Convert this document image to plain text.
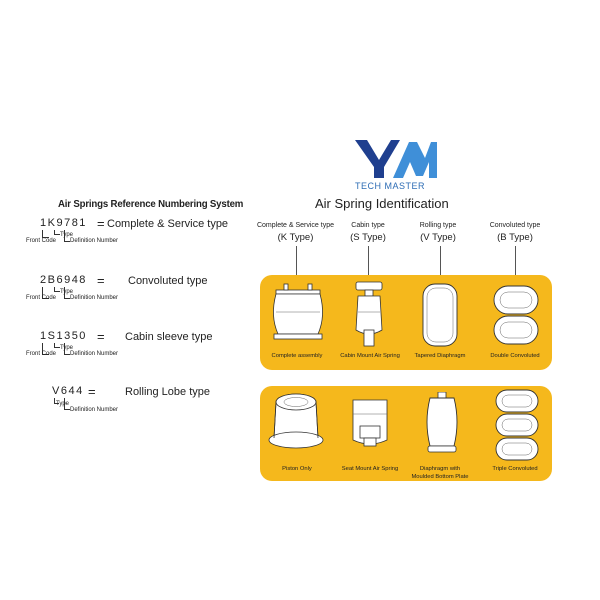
Air Springs Reference Numbering System
1K9781 = Complete & Service type
Type
Front Code Definition Number
2B6948 = Convoluted type
Type
Front Code Definition Number
1S1350 = Cabin sleeve type
Type
Front Code Definition Number
V644 =	Rolling Lobe type
Type
Definition Number
TECH MASTER
Air Spring Identification
Complete & Service type
(K Type)
Cabin type
(S Type)
Rolling type
(V Type)
Convoluted type
(B Type)
Complete assembly	Cabin Mount Air Spring	Tapered Diaphragm	Double Convoluted
Piston Only	Seat Mount Air Spring	Diaphragm with
Moulded Bottom Plate
Triple Convoluted
